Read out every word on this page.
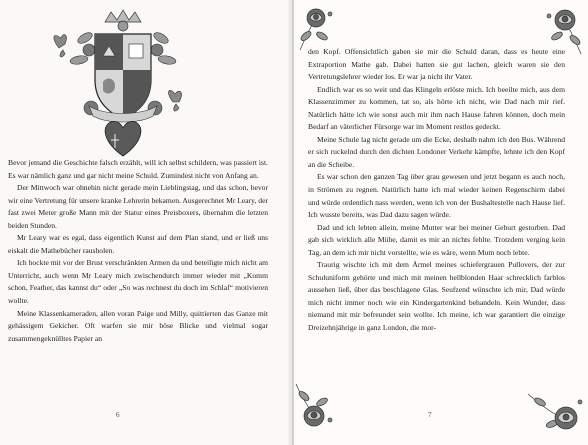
Bevor jemand die Geschichte falsch erzählt, will ich selbst schildern, was passiert ist. Es war nämlich ganz und gar nicht meine Schuld. Zumindest nicht von Anfang an.

Der Mittwoch war ohnehin nicht gerade mein Lieblingstag, und das schon, bevor wir eine Vertretung für unsere kranke Lehrerin bekamen. Ausgerechnet Mr Leary, der fast zwei Meter große Mann mit der Statur eines Preisboxers, übernahm die letzten beiden Stunden.

Mr Leary war es egal, dass eigentlich Kunst auf dem Plan stand, und er ließ uns eiskalt die Mathebücher rausholen.

Ich hockte mit vor der Brust verschränkten Armen da und beteiligte mich nicht am Unterricht, auch wenn Mr Leary mich zwischendurch immer wieder mit „Komm schon, Feather, das kannst du“ oder „So was rechnest du doch im Schlaf“ motivieren wollte.

Meine Klassenkameraden, allen voran Paige und Milly, quittierten das Ganze mit gehässigem Gekicher. Oft warfen sie mir böse Blicke und vielmal sogar zusammengeknülltes Papier an

6

den Kopf. Offensichtlich gaben sie mir die Schuld daran, dass es heute eine Extraportion Mathe gab. Dabei hatten sie gut lachen, gleich waren sie den Vertretungslehrer wieder los. Er war ja nicht ihr Vater.

Endlich war es so weit und das Klingeln erlöste mich. Ich beeilte mich, aus dem Klassenzimmer zu kommen, tat so, als hörte ich nicht, wie Dad nach mir rief. Natürlich hätte ich wie sonst auch mit ihm nach Hause fahren können, doch mein Bedarf an väterlicher Fürsorge war im Moment restlos gedeckt.

Meine Schule lag nicht gerade um die Ecke, deshalb nahm ich den Bus. Während er sich ruckelnd durch den dichten Londoner Verkehr kämpfte, lehnte ich den Kopf an die Scheibe.

Es war schon den ganzen Tag über grau gewesen und jetzt begann es auch noch, in Strömen zu regnen. Natürlich hatte ich mal wieder keinen Regenschirm dabei und würde ordentlich nass werden, wenn ich von der Bushaltestelle nach Hause lief. Ich wusste bereits, was Dad dazu sagen würde.

Dad und ich lebten allein, meine Mutter war bei meiner Geburt gestorben. Dad gab sich wirklich alle Mühe, damit es mir an nichts fehlte. Trotzdem verging kein Tag, an dem ich mir nicht vorstellte, wie es wäre, wenn Mum noch lebte.

Traurig wischte ich mit dem Ärmel meines schiefergrauen Pullovers, der zur Schuluniform gehörte und mich mit meinen hellblonden Haar schrecklich farblos aussehen ließ, über das beschlagene Glas. Seufzend wünschte ich mir, Dad würde mich nicht immer noch wie ein Kindergartenkind behandeln. Kein Wunder, dass niemand mit mir befreundet sein wollte. Ich meine, ich war garantiert die einzige Dreizehnjährige in ganz London, die mor-

7
